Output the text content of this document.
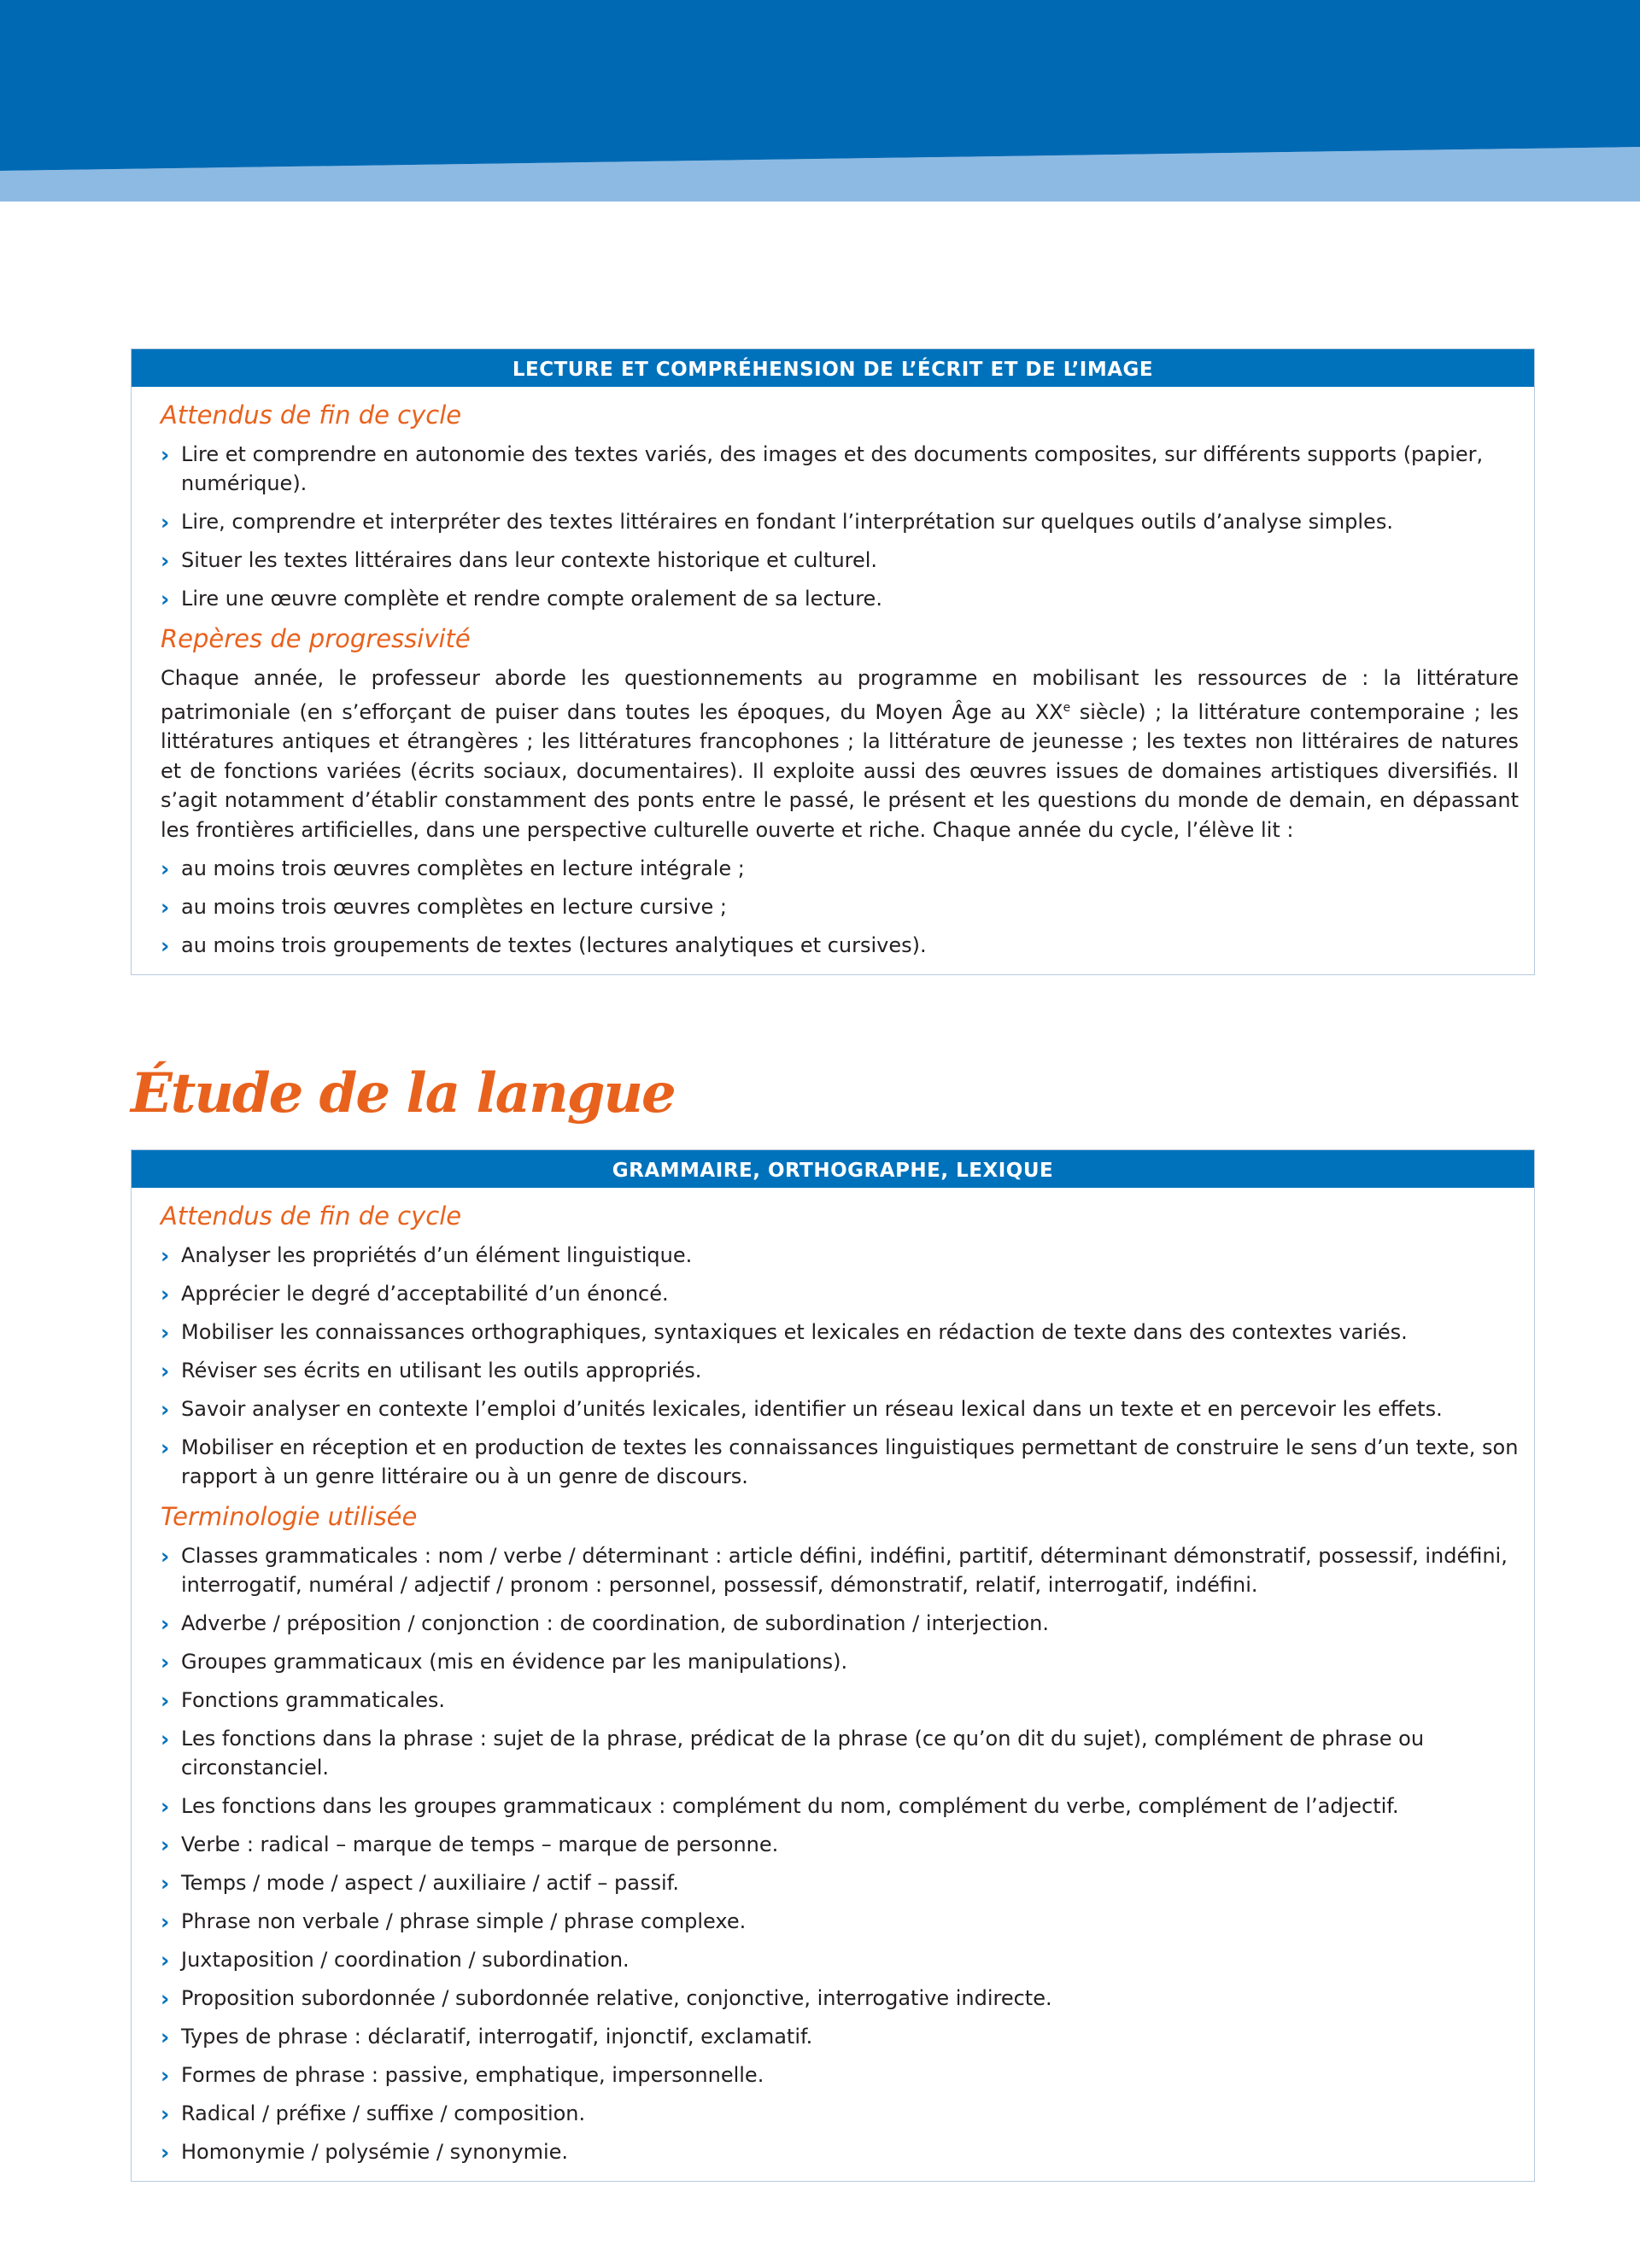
LECTURE ET COMPRÉHENSION DE L’ÉCRIT ET DE L’IMAGE
Attendus de fin de cycle
› Lire et comprendre en autonomie des textes variés, des images et des documents composites, sur différents supports (papier, numérique).
› Lire, comprendre et interpréter des textes littéraires en fondant l’interprétation sur quelques outils d’analyse simples.
› Situer les textes littéraires dans leur contexte historique et culturel.
› Lire une œuvre complète et rendre compte oralement de sa lecture.
Repères de progressivité

Chaque année, le professeur aborde les questionnements au programme en mobilisant les ressources de : la littérature patrimoniale (en s’efforçant de puiser dans toutes les époques, du Moyen Âge au XXe siècle) ; la littérature contemporaine ; les littératures antiques et étrangères ; les littératures francophones ; la littérature de jeunesse ; les textes non littéraires de natures et de fonctions variées (écrits sociaux, documentaires). Il exploite aussi des œuvres issues de domaines artistiques diversifiés. Il s’agit notamment d’établir constamment des ponts entre le passé, le présent et les questions du monde de demain, en dépassant les frontières artificielles, dans une perspective culturelle ouverte et riche. Chaque année du cycle, l’élève lit :

› au moins trois œuvres complètes en lecture intégrale ;
› au moins trois œuvres complètes en lecture cursive ;
› au moins trois groupements de textes (lectures analytiques et cursives).
Étude de la langue
GRAMMAIRE, ORTHOGRAPHE, LEXIQUE
Attendus de fin de cycle
› Analyser les propriétés d’un élément linguistique.
› Apprécier le degré d’acceptabilité d’un énoncé.
› Mobiliser les connaissances orthographiques, syntaxiques et lexicales en rédaction de texte dans des contextes variés.
› Réviser ses écrits en utilisant les outils appropriés.
› Savoir analyser en contexte l’emploi d’unités lexicales, identifier un réseau lexical dans un texte et en percevoir les effets.
› Mobiliser en réception et en production de textes les connaissances linguistiques permettant de construire le sens d’un texte, son rapport à un genre littéraire ou à un genre de discours.
Terminologie utilisée
› Classes grammaticales : nom / verbe / déterminant : article défini, indéfini, partitif, déterminant démonstratif, possessif, indéfini, interrogatif, numéral / adjectif / pronom : personnel, possessif, démonstratif, relatif, interrogatif, indéfini.
› Adverbe / préposition / conjonction : de coordination, de subordination / interjection.
› Groupes grammaticaux (mis en évidence par les manipulations).
› Fonctions grammaticales.
› Les fonctions dans la phrase : sujet de la phrase, prédicat de la phrase (ce qu’on dit du sujet), complément de phrase ou circonstanciel.
› Les fonctions dans les groupes grammaticaux : complément du nom, complément du verbe, complément de l’adjectif.
› Verbe : radical – marque de temps – marque de personne.
› Temps / mode / aspect / auxiliaire / actif – passif.
› Phrase non verbale / phrase simple / phrase complexe.
› Juxtaposition / coordination / subordination.
› Proposition subordonnée / subordonnée relative, conjonctive, interrogative indirecte.
› Types de phrase : déclaratif, interrogatif, injonctif, exclamatif.
› Formes de phrase : passive, emphatique, impersonnelle.
› Radical / préfixe / suffixe / composition.
› Homonymie / polysémie / synonymie.
